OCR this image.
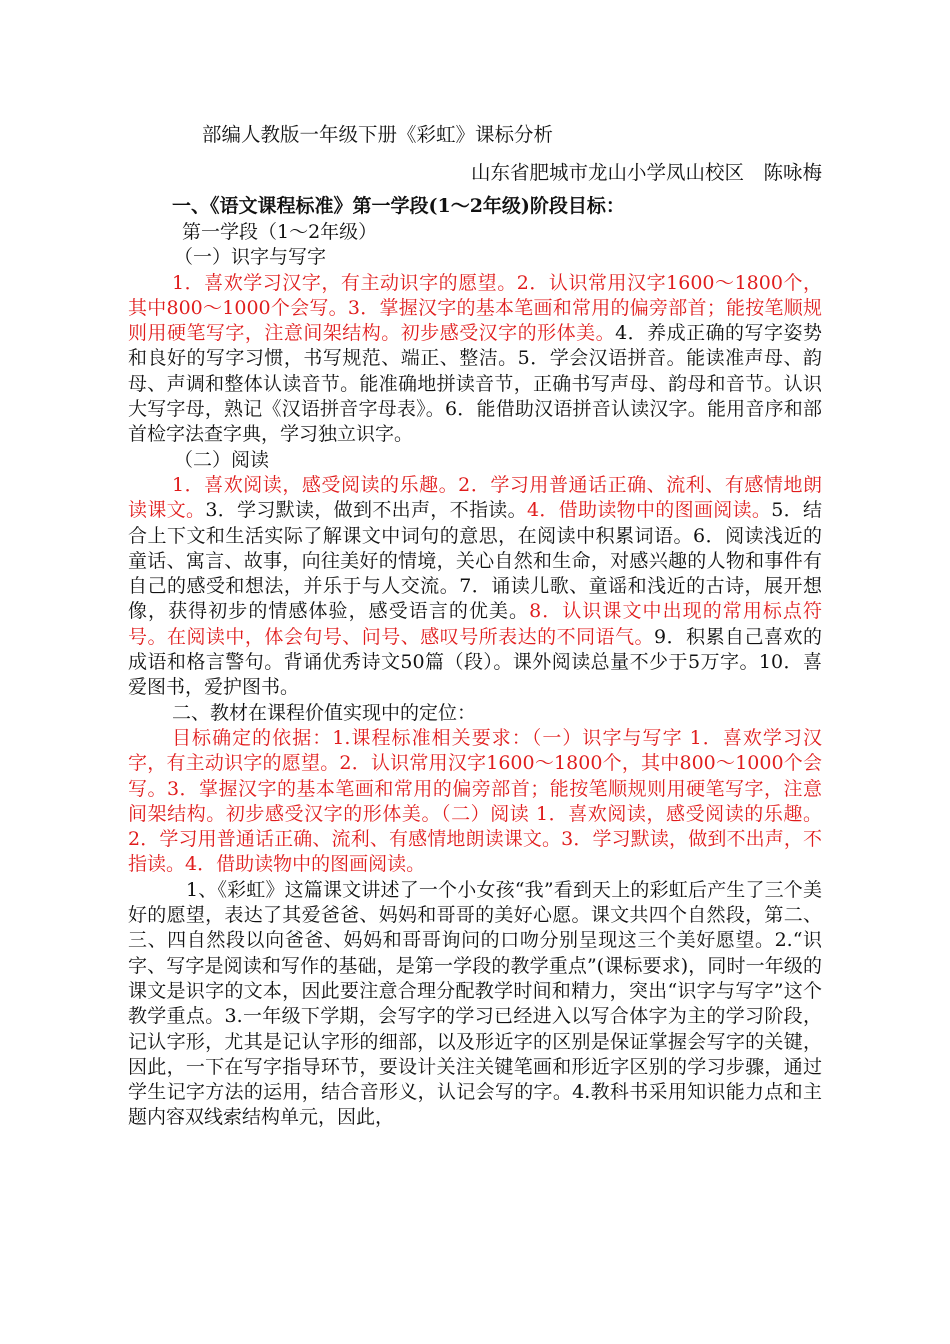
部编人教版一年级下册《彩虹》课标分析

山东省肥城市龙山小学凤山校区　陈咏梅

一、《语文课程标准》第一学段(1～2年级)阶段目标：

第一学段（1～2年级）

（一）识字与写字

1．喜欢学习汉字，有主动识字的愿望。2．认识常用汉字1600～1800个，其中800～1000个会写。3．掌握汉字的基本笔画和常用的偏旁部首；能按笔顺规则用硬笔写字，注意间架结构。初步感受汉字的形体美。4．养成正确的写字姿势和良好的写字习惯，书写规范、端正、整洁。5．学会汉语拼音。能读准声母、韵母、声调和整体认读音节。能准确地拼读音节，正确书写声母、韵母和音节。认识大写字母，熟记《汉语拼音字母表》。6．能借助汉语拼音认读汉字。能用音序和部首检字法查字典，学习独立识字。

（二）阅读

1．喜欢阅读，感受阅读的乐趣。2．学习用普通话正确、流利、有感情地朗读课文。3．学习默读，做到不出声，不指读。4．借助读物中的图画阅读。5．结合上下文和生活实际了解课文中词句的意思，在阅读中积累词语。6．阅读浅近的童话、寓言、故事，向往美好的情境，关心自然和生命，对感兴趣的人物和事件有自己的感受和想法，并乐于与人交流。7．诵读儿歌、童谣和浅近的古诗，展开想像，获得初步的情感体验，感受语言的优美。8．认识课文中出现的常用标点符号。在阅读中，体会句号、问号、感叹号所表达的不同语气。9．积累自己喜欢的成语和格言警句。背诵优秀诗文50篇（段）。课外阅读总量不少于5万字。10．喜爱图书，爱护图书。

二、教材在课程价值实现中的定位：

目标确定的依据：1.课程标准相关要求：（一）识字与写字 1．喜欢学习汉字，有主动识字的愿望。2．认识常用汉字1600～1800个，其中800～1000个会写。3．掌握汉字的基本笔画和常用的偏旁部首；能按笔顺规则用硬笔写字，注意间架结构。初步感受汉字的形体美。（二）阅读 1．喜欢阅读，感受阅读的乐趣。2．学习用普通话正确、流利、有感情地朗读课文。3．学习默读，做到不出声，不指读。4．借助读物中的图画阅读。

1、《彩虹》这篇课文讲述了一个小女孩“我”看到天上的彩虹后产生了三个美好的愿望，表达了其爱爸爸、妈妈和哥哥的美好心愿。课文共四个自然段，第二、三、四自然段以向爸爸、妈妈和哥哥询问的口吻分别呈现这三个美好愿望。2.“识字、写字是阅读和写作的基础，是第一学段的教学重点”(课标要求)，同时一年级的课文是识字的文本，因此要注意合理分配教学时间和精力，突出“识字与写字”这个教学重点。3.一年级下学期，会写字的学习已经进入以写合体字为主的学习阶段，记认字形，尤其是记认字形的细部，以及形近字的区别是保证掌握会写字的关键，因此，一下在写字指导环节，要设计关注关键笔画和形近字区别的学习步骤，通过学生记字方法的运用，结合音形义，认记会写的字。4.教科书采用知识能力点和主题内容双线索结构单元，因此，
